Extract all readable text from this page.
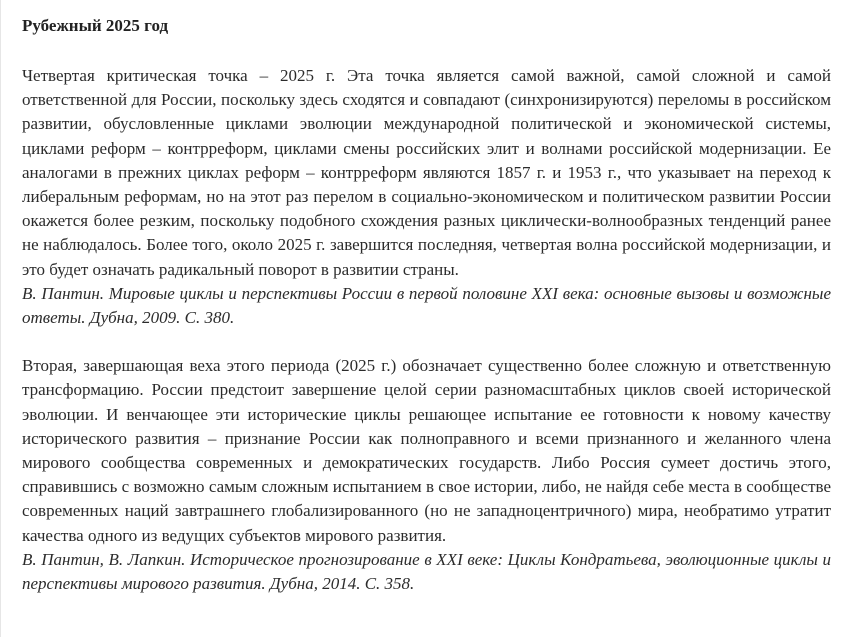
Рубежный 2025 год

Четвертая критическая точка – 2025 г. Эта точка является самой важной, самой сложной и самой ответственной для России, поскольку здесь сходятся и совпадают (синхронизируются) переломы в российском развитии, обусловленные циклами эволюции международной политической и экономической системы, циклами реформ – контрреформ, циклами смены российских элит и волнами российской модернизации. Ее аналогами в прежних циклах реформ – контрреформ являются 1857 г. и 1953 г., что указывает на переход к либеральным реформам, но на этот раз перелом в социально-экономическом и политическом развитии России окажется более резким, поскольку подобного схождения разных циклически-волнообразных тенденций ранее не наблюдалось. Более того, около 2025 г. завершится последняя, четвертая волна российской модернизации, и это будет означать радикальный поворот в развитии страны.

В. Пантин. Мировые циклы и перспективы России в первой половине XXI века: основные вызовы и возможные ответы. Дубна, 2009. С. 380.

Вторая, завершающая веха этого периода (2025 г.) обозначает существенно более сложную и ответственную трансформацию. России предстоит завершение целой серии разномасштабных циклов своей исторической эволюции. И венчающее эти исторические циклы решающее испытание ее готовности к новому качеству исторического развития – признание России как полноправного и всеми признанного и желанного члена мирового сообщества современных и демократических государств. Либо Россия сумеет достичь этого, справившись с возможно самым сложным испытанием в свое истории, либо, не найдя себе места в сообществе современных наций завтрашнего глобализированного (но не западноцентричного) мира, необратимо утратит качества одного из ведущих субъектов мирового развития.

В. Пантин, В. Лапкин. Историческое прогнозирование в XXI веке: Циклы Кондратьева, эволюционные циклы и перспективы мирового развития. Дубна, 2014. С. 358.
